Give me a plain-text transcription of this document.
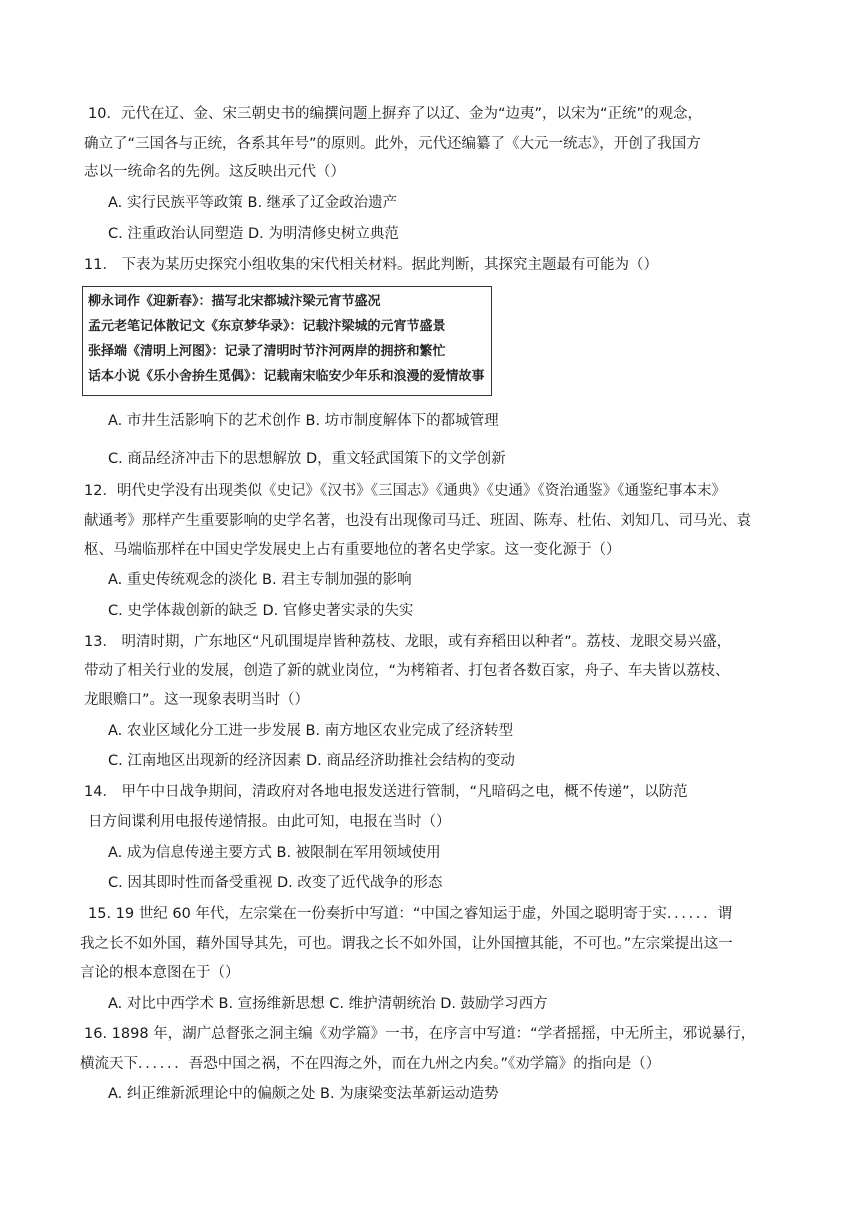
10．元代在辽、金、宋三朝史书的编撰问题上摒弃了以辽、金为“边夷”，以宋为“正统”的观念，
确立了“三国各与正统，各系其年号”的原则。此外，元代还编纂了《大元一统志》，开创了我国方
志以一统命名的先例。这反映出元代（）
A. 实行民族平等政策 B. 继承了辽金政治遗产
C. 注重政治认同塑造 D. 为明清修史树立典范
11． 下表为某历史探究小组收集的宋代相关材料。据此判断，其探究主题最有可能为（）
柳永词作《迎新春》：描写北宋都城汴梁元宵节盛况
孟元老笔记体散记文《东京梦华录》：记载汴梁城的元宵节盛景
张择端《清明上河图》：记录了清明时节汴河两岸的拥挤和繁忙
话本小说《乐小舍拚生觅偶》：记载南宋临安少年乐和浪漫的爱情故事
A. 市井生活影响下的艺术创作 B. 坊市制度解体下的都城管理
C. 商品经济冲击下的思想解放 D，重文轻武国策下的文学创新
12．明代史学没有出现类似《史记》《汉书》《三国志》《通典》《史通》《资治通鉴》《通鉴纪事本末》
献通考》那样产生重要影响的史学名著，也没有出现像司马迁、班固、陈寿、杜佑、刘知几、司马光、袁
枢、马端临那样在中国史学发展史上占有重要地位的著名史学家。这一变化源于（）
A. 重史传统观念的淡化 B. 君主专制加强的影响
C. 史学体裁创新的缺乏 D. 官修史著实录的失实
13． 明清时期，广东地区“凡矶围堤岸皆种荔枝、龙眼，或有弃稻田以种者”。荔枝、龙眼交易兴盛，
带动了相关行业的发展，创造了新的就业岗位，“为栲箱者、打包者各数百家，舟子、车夫皆以荔枝、
龙眼赡口”。这一现象表明当时（）
A. 农业区域化分工进一步发展 B. 南方地区农业完成了经济转型
C. 江南地区出现新的经济因素 D. 商品经济助推社会结构的变动
14． 甲午中日战争期间，清政府对各地电报发送进行管制，“凡暗码之电，概不传递”，以防范
日方间谍利用电报传递情报。由此可知，电报在当时（）
A. 成为信息传递主要方式 B. 被限制在军用领域使用
C. 因其即时性而备受重视 D. 改变了近代战争的形态
15. 19 世纪 60 年代，左宗棠在一份奏折中写道：“中国之睿知运于虚，外国之聪明寄于实．．．．．．谓
我之长不如外国，藉外国导其先，可也。谓我之长不如外国，让外国擅其能，不可也。”左宗棠提出这一
言论的根本意图在于（）
A. 对比中西学术 B. 宣扬维新思想 C. 维护清朝统治 D. 鼓励学习西方
16. 1898 年，湖广总督张之洞主编《劝学篇》一书，在序言中写道：“学者摇摇，中无所主，邪说暴行，
横流天下．．．．．．吾恐中国之祸，不在四海之外，而在九州之内矣。”《劝学篇》的指向是（）
A. 纠正维新派理论中的偏颇之处 B. 为康梁变法革新运动造势
